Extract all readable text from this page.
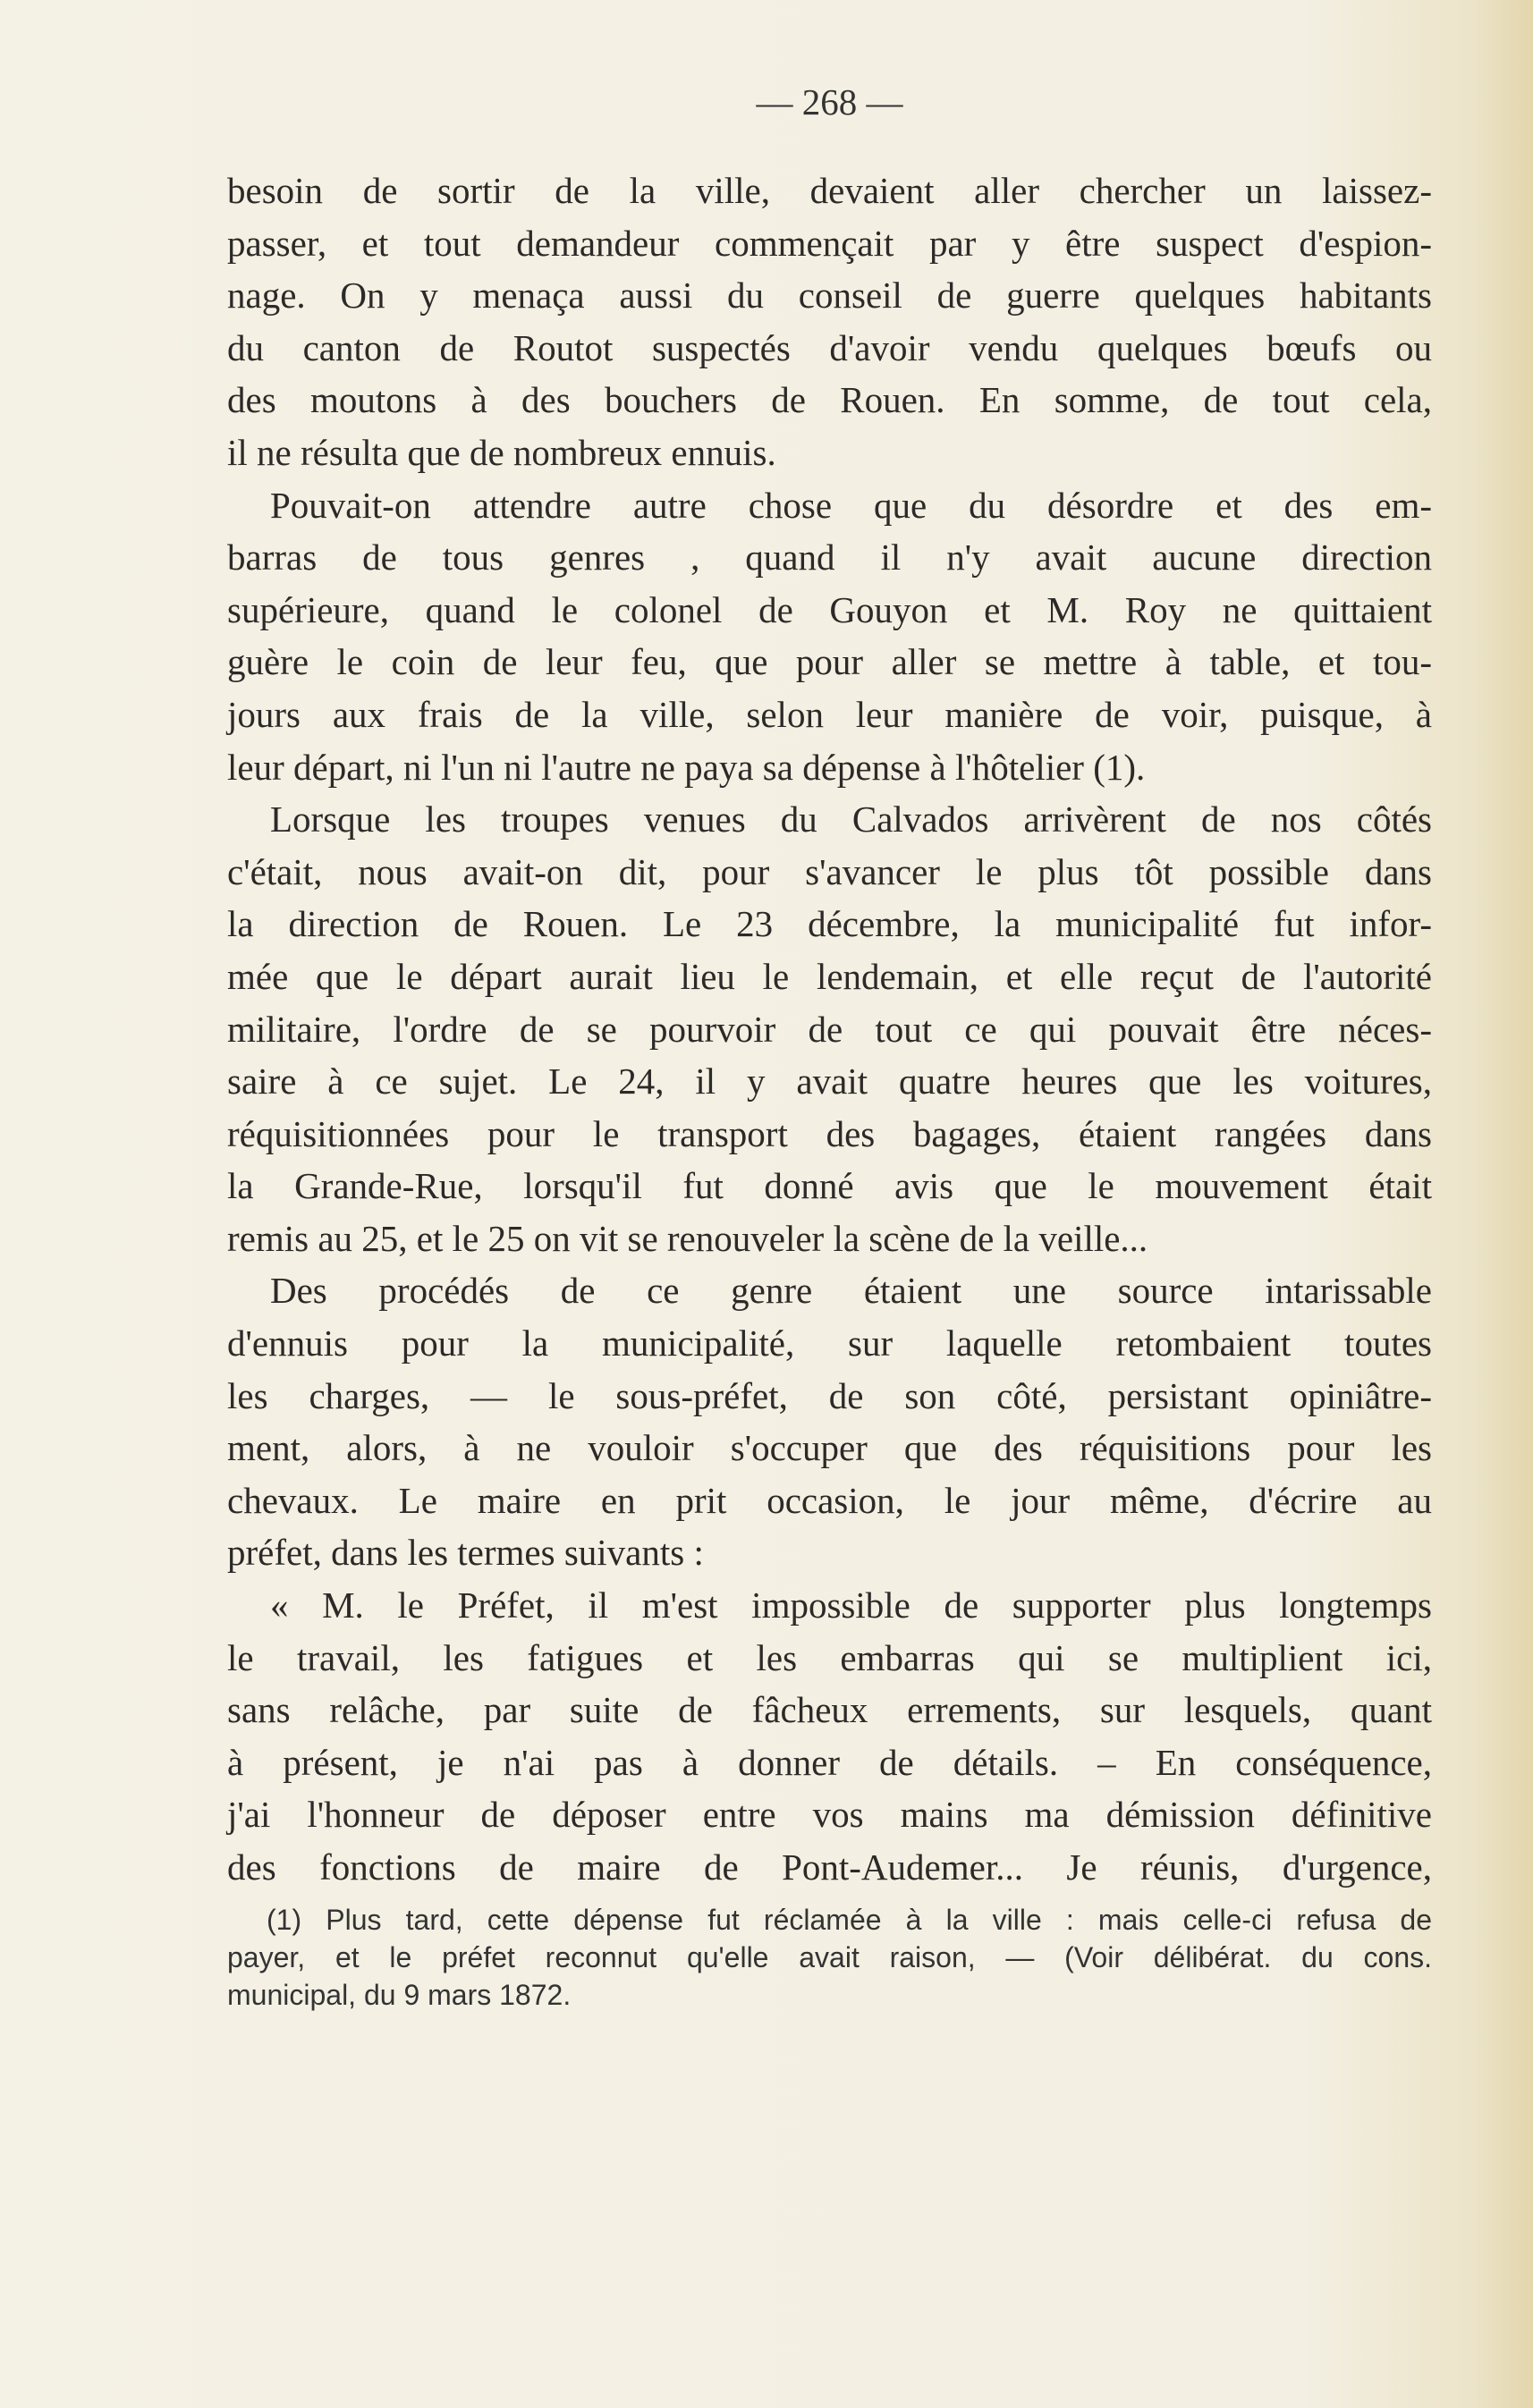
— 268 —
besoin de sortir de la ville, devaient aller chercher un laissez-
passer, et tout demandeur commençait par y être suspect d'espion-
nage. On y menaça aussi du conseil de guerre quelques habitants
du canton de Routot suspectés d'avoir vendu quelques bœufs ou
des moutons à des bouchers de Rouen. En somme, de tout cela,
il ne résulta que de nombreux ennuis.
Pouvait-on attendre autre chose que du désordre et des em-
barras de tous genres , quand il n'y avait aucune direction
supérieure, quand le colonel de Gouyon et M. Roy ne quittaient
guère le coin de leur feu, que pour aller se mettre à table, et tou-
jours aux frais de la ville, selon leur manière de voir, puisque, à
leur départ, ni l'un ni l'autre ne paya sa dépense à l'hôtelier (1).
Lorsque les troupes venues du Calvados arrivèrent de nos côtés
c'était, nous avait-on dit, pour s'avancer le plus tôt possible dans
la direction de Rouen. Le 23 décembre, la municipalité fut infor-
mée que le départ aurait lieu le lendemain, et elle reçut de l'autorité
militaire, l'ordre de se pourvoir de tout ce qui pouvait être néces-
saire à ce sujet. Le 24, il y avait quatre heures que les voitures,
réquisitionnées pour le transport des bagages, étaient rangées dans
la Grande-Rue, lorsqu'il fut donné avis que le mouvement était
remis au 25, et le 25 on vit se renouveler la scène de la veille...
Des procédés de ce genre étaient une source intarissable
d'ennuis pour la municipalité, sur laquelle retombaient toutes
les charges, — le sous-préfet, de son côté, persistant opiniâtre-
ment, alors, à ne vouloir s'occuper que des réquisitions pour les
chevaux. Le maire en prit occasion, le jour même, d'écrire au
préfet, dans les termes suivants :
« M. le Préfet, il m'est impossible de supporter plus longtemps
le travail, les fatigues et les embarras qui se multiplient ici,
sans relâche, par suite de fâcheux errements, sur lesquels, quant
à présent, je n'ai pas à donner de détails. – En conséquence,
j'ai l'honneur de déposer entre vos mains ma démission définitive
des fonctions de maire de Pont-Audemer... Je réunis, d'urgence,
(1) Plus tard, cette dépense fut réclamée à la ville : mais celle-ci refusa de
payer, et le préfet reconnut qu'elle avait raison, — (Voir délibérat. du cons.
municipal, du 9 mars 1872.
